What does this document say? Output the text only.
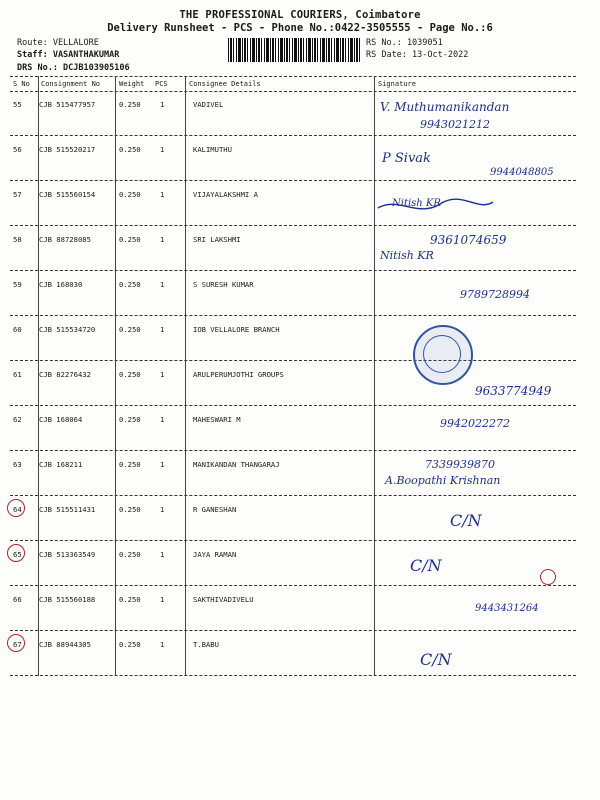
THE PROFESSIONAL COURIERS, Coimbatore
Delivery Runsheet - PCS - Phone No.:0422-3505555 - Page No.:6
Route: VELLALORE
Staff: VASANTHAKUMAR
DRS No.: DCJB103905106
RS No.: 1039051
RS Date: 13-Oct-2022
S No Consignment No	Weight PCS	Consignee Details	Signature
55 CJB 515477957	0.250	1	VADIVEL	V. Muthumanikandan
9943021212
56 CJB 515520217	0.250	1	KALIMUTHU
P Sivak
9944048805
57 CJB 515560154	0.250	1	VIJAYALAKSHMI A
Nitish KR
58 CJB 88728085	0.250	1	SRI LAKSHMI	9361074659
Nitish KR
59 CJB 168030	0.250	1	S SURESH KUMAR
9789728994
60 CJB 515534720	0.250	1	IOB VELLALORE BRANCH
61 CJB 82276432	0.250	1	ARULPERUMJOTHI GROUPS
9633774949
62 CJB 168064	0.250	1	MAHESWARI M	9942022272
63 CJB 168211	0.250	1	MANIKANDAN THANGARAJ	7339939870
A.Boopathi Krishnan
64 CJB 515511431	0.250	1	R GANESHAN
C/N
65 CJB 513363549	0.250	1	JAYA RAMAN
C/N
66 CJB 515560188	0.250	1	SAKTHIVADIVELU
9443431264
67 CJB 88944305	0.250	1	T.BABU
C/N
